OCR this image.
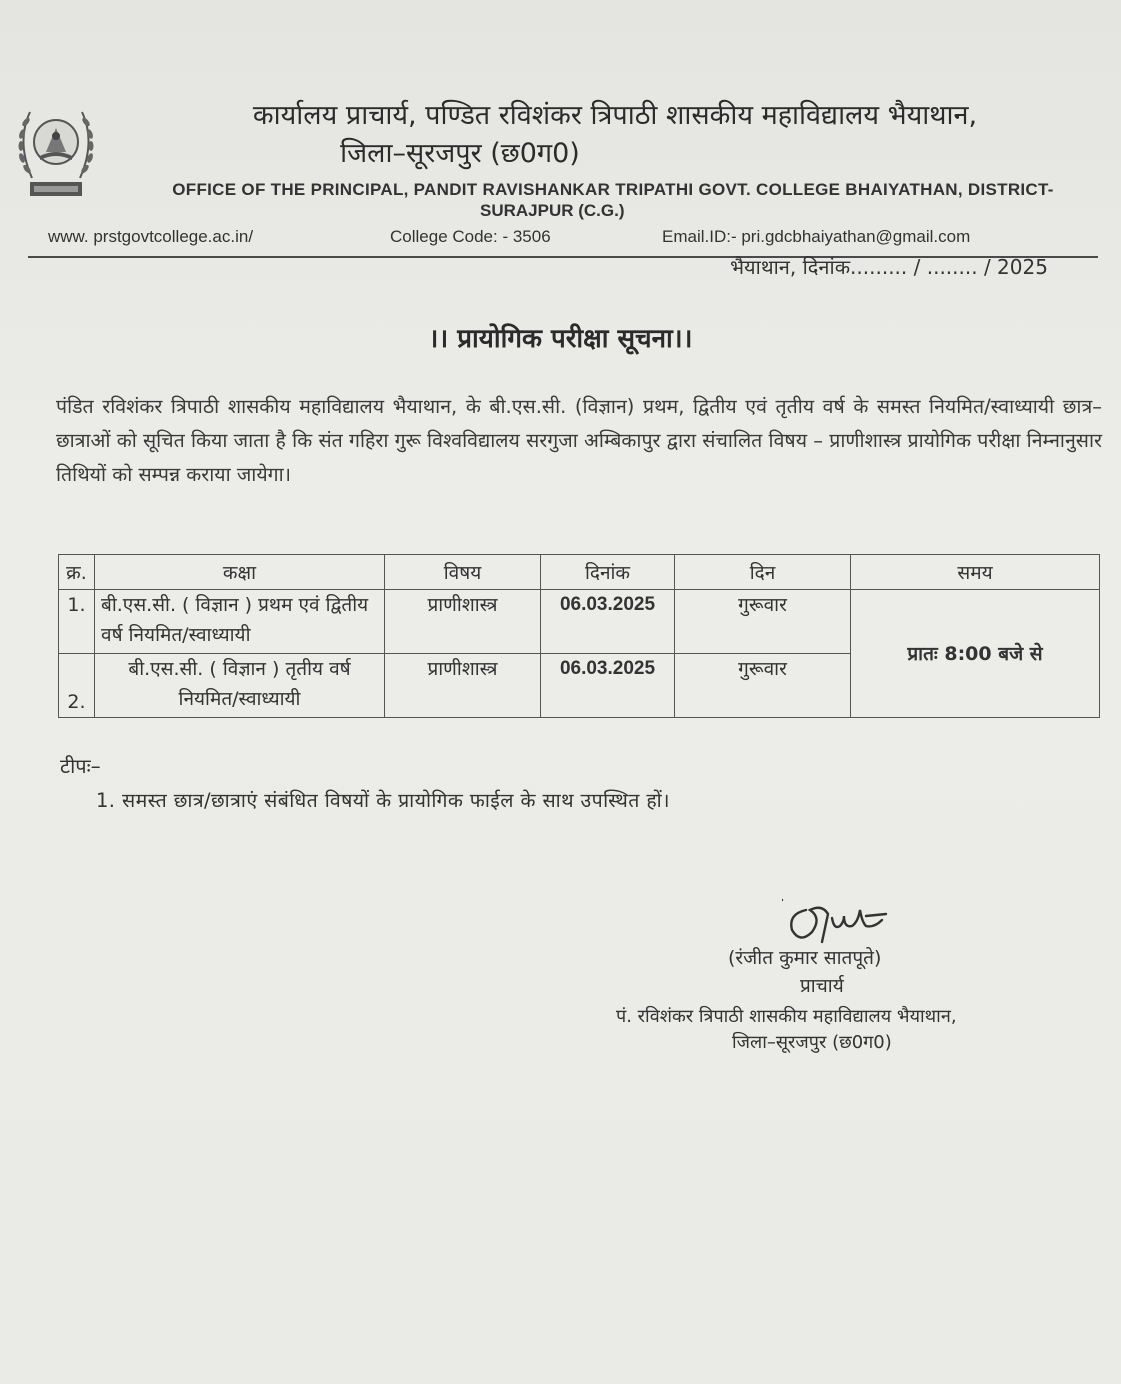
कार्यालय प्राचार्य, पण्डित रविशंकर त्रिपाठी शासकीय महाविद्यालय भैयाथान,
जिला–सूरजपुर (छ0ग0)
OFFICE OF THE PRINCIPAL, PANDIT RAVISHANKAR TRIPATHI GOVT. COLLEGE BHAIYATHAN, DISTRICT-
SURAJPUR (C.G.)
www. prstgovtcollege.ac.in/	College Code: - 3506	Email.ID:- pri.gdcbhaiyathan@gmail.com
भैयाथान, दिनांक......... / ........ / 2025
।। प्रायोगिक परीक्षा सूचना।।
पंडित रविशंकर त्रिपाठी शासकीय महाविद्यालय भैयाथान, के बी.एस.सी. (विज्ञान) प्रथम, द्वितीय एवं तृतीय वर्ष के समस्त नियमित/स्वाध्यायी छात्र–छात्राओं को सूचित किया जाता है कि संत गहिरा गुरू विश्वविद्यालय सरगुजा अम्बिकापुर द्वारा संचालित विषय – प्राणीशास्त्र प्रायोगिक परीक्षा निम्नानुसार तिथियों को सम्पन्न कराया जायेगा।
क्र.	कक्षा	विषय	दिनांक	दिन	समय
1.	बी.एस.सी. ( विज्ञान ) प्रथम एवं द्वितीय वर्ष नियमित/स्वाध्यायी	प्राणीशास्त्र	06.03.2025	गुरूवार	प्रातः 8:00 बजे से
2.	बी.एस.सी. ( विज्ञान ) तृतीय वर्ष नियमित/स्वाध्यायी	प्राणीशास्त्र	06.03.2025	गुरूवार	
टीपः–
1. समस्त छात्र/छात्राएं संबंधित विषयों के प्रायोगिक फाईल के साथ उपस्थित हों।
(रंजीत कुमार सातपूते)
प्राचार्य
पं. रविशंकर त्रिपाठी शासकीय महाविद्यालय भैयाथान,
जिला–सूरजपुर (छ0ग0)
